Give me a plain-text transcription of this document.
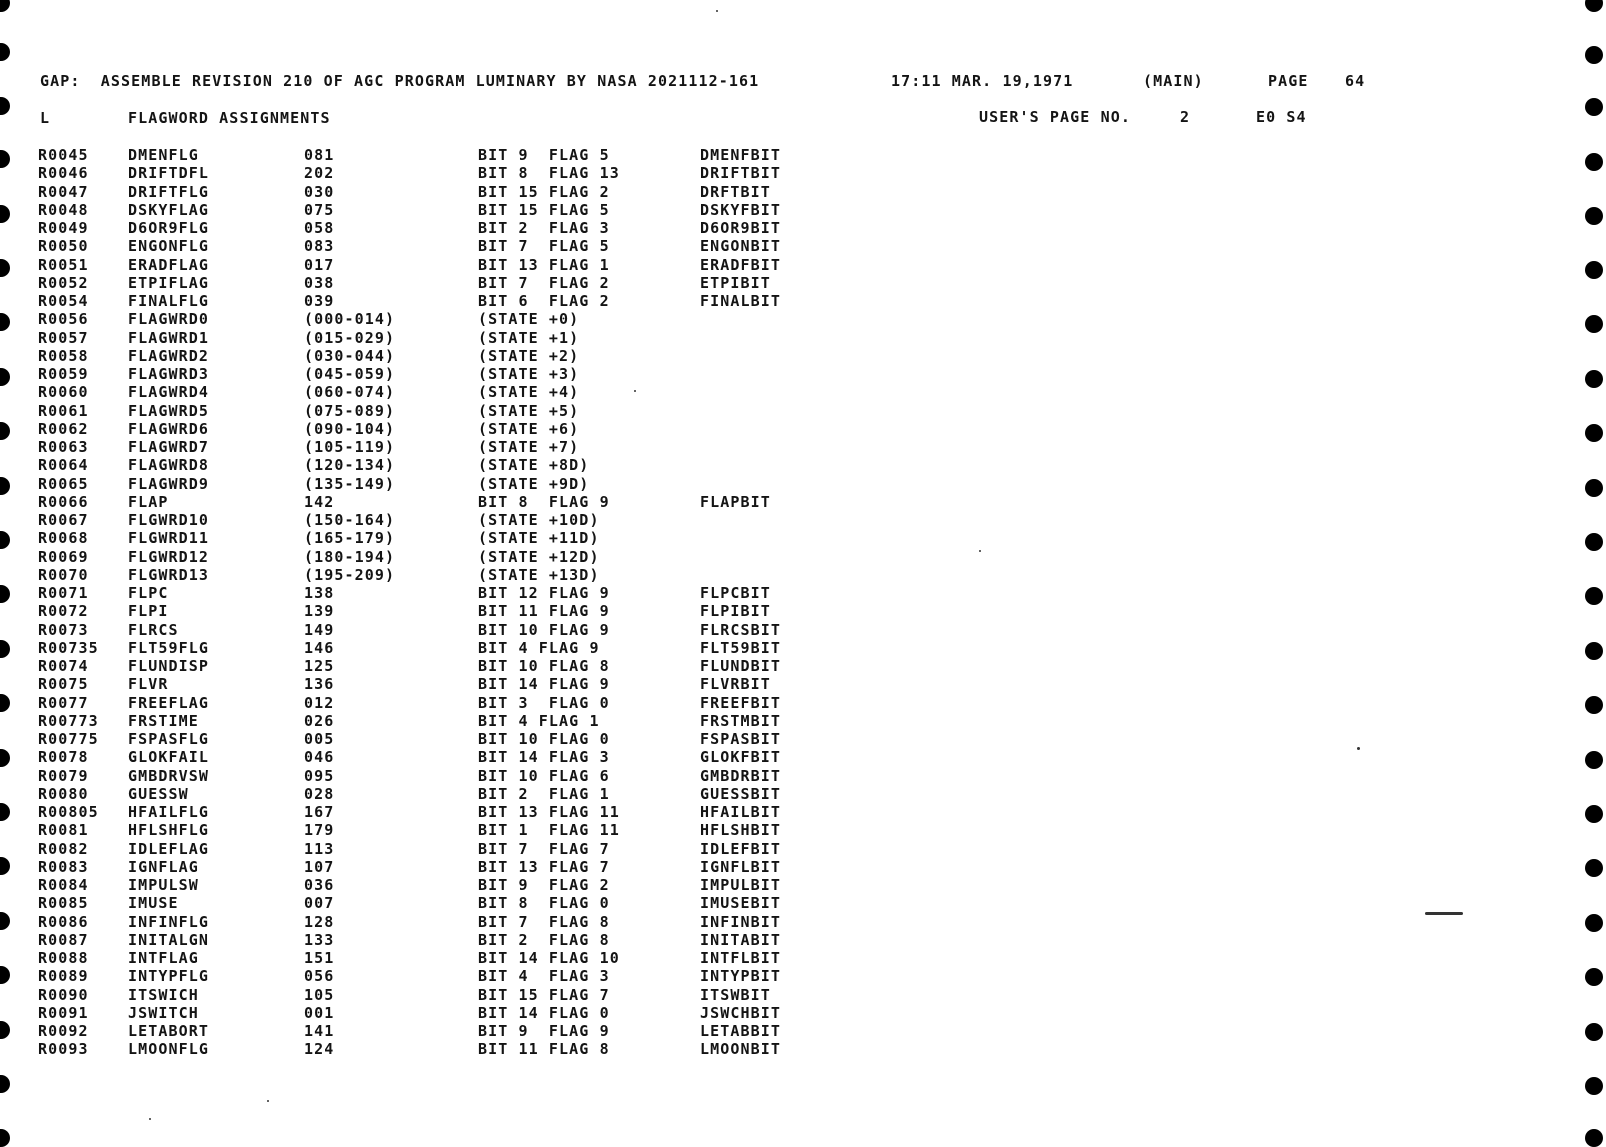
GAP:  ASSEMBLE REVISION 210 OF AGC PROGRAM LUMINARY BY NASA 2021112-161	17:11 MAR. 19,1971	(MAIN)	PAGE 64
L	FLAGWORD ASSIGNMENTS	USER'S PAGE NO.	2	E0 S4
R0045	DMENFLG	081	BIT 9  FLAG 5	DMENFBIT
R0046	DRIFTDFL	202	BIT 8  FLAG 13	DRIFTBIT
R0047	DRIFTFLG	030	BIT 15 FLAG 2	DRFTBIT
R0048	DSKYFLAG	075	BIT 15 FLAG 5	DSKYFBIT
R0049	D6OR9FLG	058	BIT 2  FLAG 3	D6OR9BIT
R0050	ENGONFLG	083	BIT 7  FLAG 5	ENGONBIT
R0051	ERADFLAG	017	BIT 13 FLAG 1	ERADFBIT
R0052	ETPIFLAG	038	BIT 7  FLAG 2	ETPIBIT
R0054	FINALFLG	039	BIT 6  FLAG 2	FINALBIT
R0056	FLAGWRD0	(000-014)	(STATE +0)
R0057	FLAGWRD1	(015-029)	(STATE +1)
R0058	FLAGWRD2	(030-044)	(STATE +2)
R0059	FLAGWRD3	(045-059)	(STATE +3)
R0060	FLAGWRD4	(060-074)	(STATE +4)
R0061	FLAGWRD5	(075-089)	(STATE +5)
R0062	FLAGWRD6	(090-104)	(STATE +6)
R0063	FLAGWRD7	(105-119)	(STATE +7)
R0064	FLAGWRD8	(120-134)	(STATE +8D)
R0065	FLAGWRD9	(135-149)	(STATE +9D)
R0066	FLAP	142	BIT 8  FLAG 9	FLAPBIT
R0067	FLGWRD10	(150-164)	(STATE +10D)
R0068	FLGWRD11	(165-179)	(STATE +11D)
R0069	FLGWRD12	(180-194)	(STATE +12D)
R0070	FLGWRD13	(195-209)	(STATE +13D)
R0071	FLPC	138	BIT 12 FLAG 9	FLPCBIT
R0072	FLPI	139	BIT 11 FLAG 9	FLPIBIT
R0073	FLRCS	149	BIT 10 FLAG 9	FLRCSBIT
R00735 FLT59FLG	146	BIT 4 FLAG 9	FLT59BIT
R0074	FLUNDISP	125	BIT 10 FLAG 8	FLUNDBIT
R0075	FLVR	136	BIT 14 FLAG 9	FLVRBIT
R0077	FREEFLAG	012	BIT 3  FLAG 0	FREEFBIT
R00773 FRSTIME	026	BIT 4 FLAG 1	FRSTMBIT
R00775 FSPASFLG	005	BIT 10 FLAG 0	FSPASBIT
R0078	GLOKFAIL	046	BIT 14 FLAG 3	GLOKFBIT
R0079	GMBDRVSW	095	BIT 10 FLAG 6	GMBDRBIT
R0080	GUESSW	028	BIT 2  FLAG 1	GUESSBIT
R00805 HFAILFLG	167	BIT 13 FLAG 11	HFAILBIT
R0081	HFLSHFLG	179	BIT 1  FLAG 11	HFLSHBIT
R0082	IDLEFLAG	113	BIT 7  FLAG 7	IDLEFBIT
R0083	IGNFLAG	107	BIT 13 FLAG 7	IGNFLBIT
R0084	IMPULSW	036	BIT 9  FLAG 2	IMPULBIT
R0085	IMUSE	007	BIT 8  FLAG 0	IMUSEBIT
R0086	INFINFLG	128	BIT 7  FLAG 8	INFINBIT
R0087	INITALGN	133	BIT 2  FLAG 8	INITABIT
R0088	INTFLAG	151	BIT 14 FLAG 10	INTFLBIT
R0089	INTYPFLG	056	BIT 4  FLAG 3	INTYPBIT
R0090	ITSWICH	105	BIT 15 FLAG 7	ITSWBIT
R0091	JSWITCH	001	BIT 14 FLAG 0	JSWCHBIT
R0092	LETABORT	141	BIT 9  FLAG 9	LETABBIT
R0093	LMOONFLG	124	BIT 11 FLAG 8	LMOONBIT
